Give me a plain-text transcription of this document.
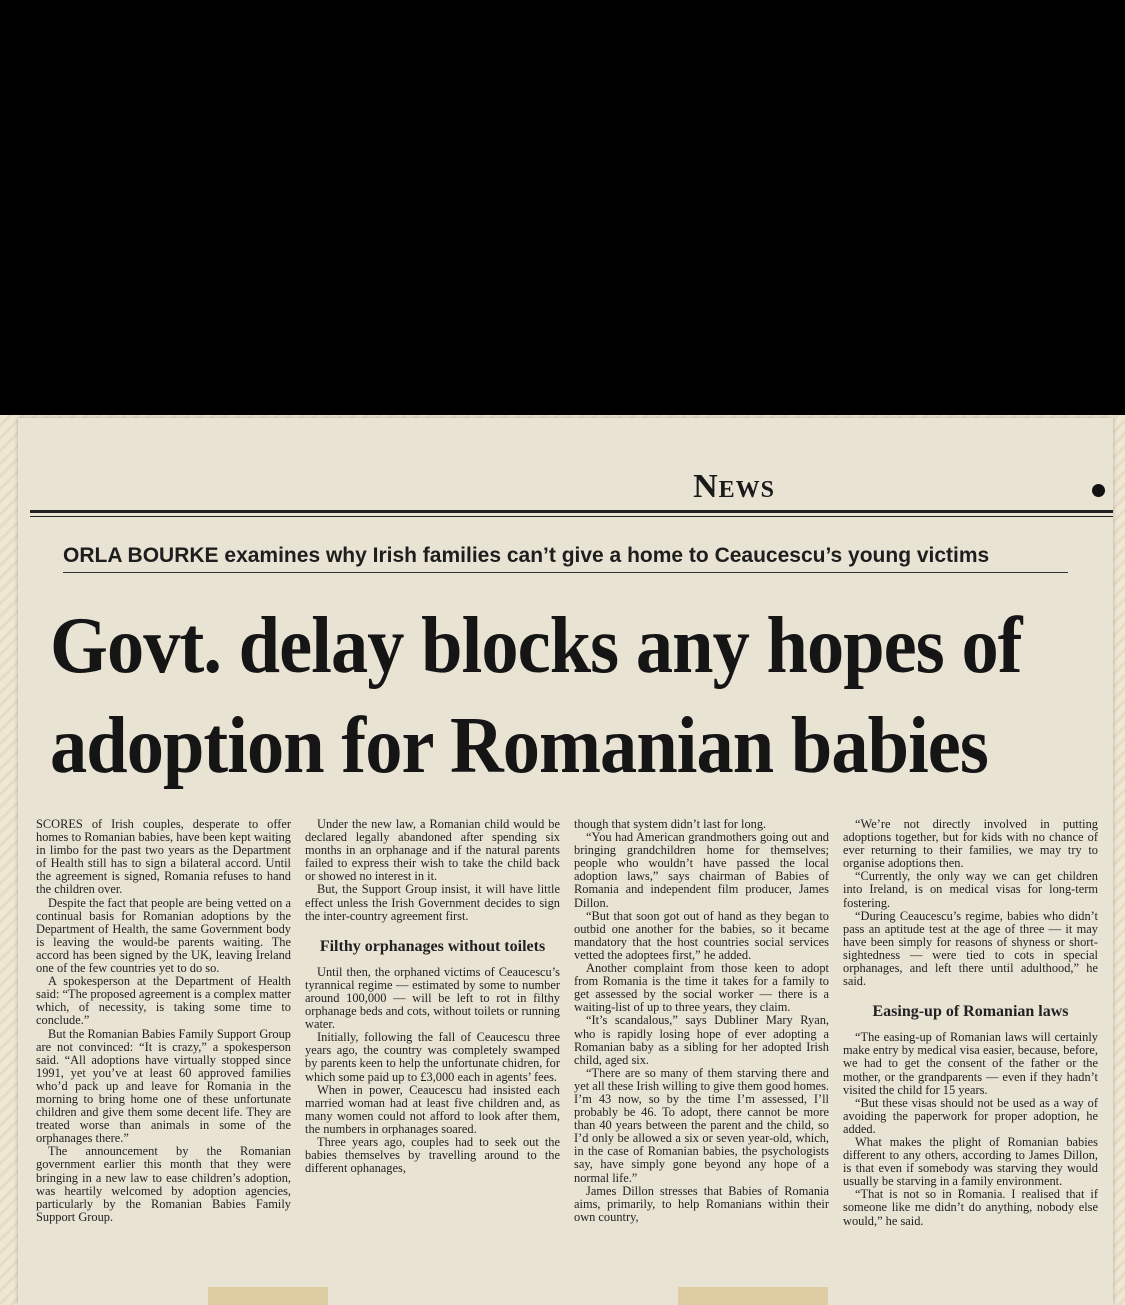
News
ORLA BOURKE examines why Irish families can’t give a home to Ceaucescu’s young victims
Govt. delay blocks any hopes of
adoption for Romanian babies

SCORES of Irish couples, desperate to offer homes to Romanian babies, have been kept waiting in limbo for the past two years as the Department of Health still has to sign a bilateral accord. Until the agreement is signed, Romania refuses to hand the children over.

Despite the fact that people are being vetted on a continual basis for Romanian adoptions by the Department of Health, the same Government body is leaving the would-be parents waiting. The accord has been signed by the UK, leaving Ireland one of the few countries yet to do so.

A spokesperson at the Department of Health said: “The proposed agreement is a complex matter which, of necessity, is taking some time to conclude.”

But the Romanian Babies Family Support Group are not convinced: “It is crazy,” a spokesperson said. “All adoptions have virtually stopped since 1991, yet you’ve at least 60 approved families who’d pack up and leave for Romania in the morning to bring home one of these unfortunate children and give them some decent life. They are treated worse than animals in some of the orphanages there.”

The announcement by the Romanian government earlier this month that they were bringing in a new law to ease children’s adoption, was heartily welcomed by adoption agencies, particularly by the Romanian Babies Family Support Group.

Under the new law, a Romanian child would be declared legally abandoned after spending six months in an orphanage and if the natural parents failed to express their wish to take the child back or showed no interest in it.

But, the Support Group insist, it will have little effect unless the Irish Government decides to sign the inter-country agreement first.

Filthy orphanages without toilets

Until then, the orphaned victims of Ceaucescu’s tyrannical regime — estimated by some to number around 100,000 — will be left to rot in filthy orphanage beds and cots, without toilets or running water.

Initially, following the fall of Ceaucescu three years ago, the country was completely swamped by parents keen to help the unfortunate chidren, for which some paid up to £3,000 each in agents’ fees.

When in power, Ceaucescu had insisted each married woman had at least five children and, as many women could not afford to look after them, the numbers in orphanages soared.

Three years ago, couples had to seek out the babies themselves by travelling around to the different ophanages,

though that system didn’t last for long.

“You had American grandmothers going out and bringing grandchildren home for themselves; people who wouldn’t have passed the local adoption laws,” says chairman of Babies of Romania and independent film producer, James Dillon.

“But that soon got out of hand as they began to outbid one another for the babies, so it became mandatory that the host countries social services vetted the adoptees first,” he added.

Another complaint from those keen to adopt from Romania is the time it takes for a family to get assessed by the social worker — there is a waiting-list of up to three years, they claim.

“It’s scandalous,” says Dubliner Mary Ryan, who is rapidly losing hope of ever adopting a Romanian baby as a sibling for her adopted Irish child, aged six.

“There are so many of them starving there and yet all these Irish willing to give them good homes. I’m 43 now, so by the time I’m assessed, I’ll probably be 46. To adopt, there cannot be more than 40 years between the parent and the child, so I’d only be allowed a six or seven year-old, which, in the case of Romanian babies, the psychologists say, have simply gone beyond any hope of a normal life.”

James Dillon stresses that Babies of Romania aims, primarily, to help Romanians within their own country,

“We’re not directly involved in putting adoptions together, but for kids with no chance of ever returning to their families, we may try to organise adoptions then.

“Currently, the only way we can get children into Ireland, is on medical visas for long-term fostering.

“During Ceaucescu’s regime, babies who didn’t pass an aptitude test at the age of three — it may have been simply for reasons of shyness or short-sightedness — were tied to cots in special orphanages, and left there until adulthood,” he said.

Easing-up of Romanian laws

“The easing-up of Romanian laws will certainly make entry by medical visa easier, because, before, we had to get the consent of the father or the mother, or the grandparents — even if they hadn’t visited the child for 15 years.

“But these visas should not be used as a way of avoiding the paperwork for proper adoption, he added.

What makes the plight of Romanian babies different to any others, according to James Dillon, is that even if somebody was starving they would usually be starving in a family environment.

“That is not so in Romania. I realised that if someone like me didn’t do anything, nobody else would,” he said.
